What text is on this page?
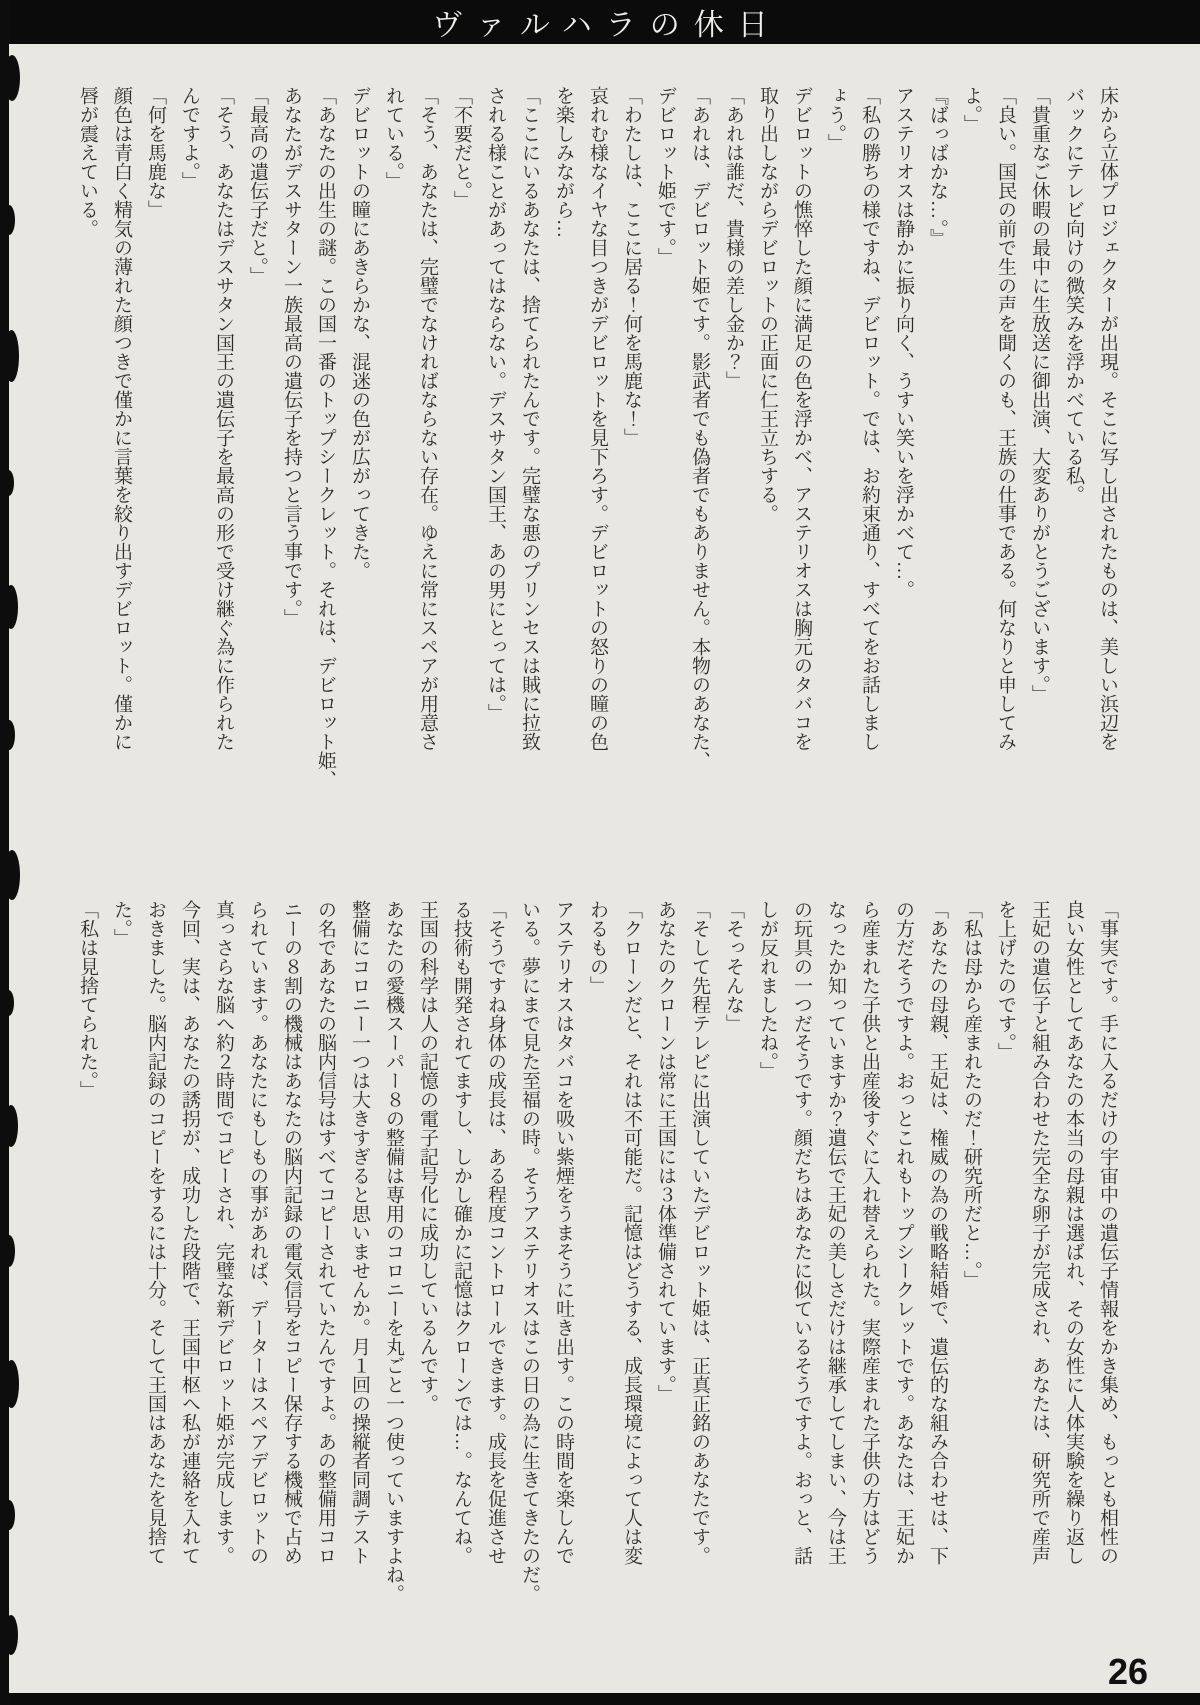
ヴァルハラの休日

床から立体プロジェクターが出現。そこに写し出されたものは、美しい浜辺を

バックにテレビ向けの微笑みを浮かべている私。

「貴重なご休暇の最中に生放送に御出演、大変ありがとうございます。」

「良い。国民の前で生の声を聞くのも、王族の仕事である。何なりと申してみ

よ。」

『ばっばかな…。』

アステリオスは静かに振り向く、うすい笑いを浮かべて…。

「私の勝ちの様ですね、デビロット。では、お約束通り、すべてをお話しまし

ょう。」

デビロットの憔悴した顔に満足の色を浮かべ、アステリオスは胸元のタバコを

取り出しながらデビロットの正面に仁王立ちする。

「あれは誰だ、貴様の差し金か？」

「あれは、デビロット姫です。影武者でも偽者でもありません。本物のあなた、

デビロット姫です。」

「わたしは、ここに居る！何を馬鹿な！」

哀れむ様なイヤな目つきがデビロットを見下ろす。デビロットの怒りの瞳の色

を楽しみながら…

「ここにいるあなたは、捨てられたんです。完璧な悪のプリンセスは賊に拉致

される様ことがあってはならない。デスサタン国王、あの男にとっては。」

「不要だと。」

「そう、あなたは、完璧でなければならない存在。ゆえに常にスペアが用意さ

れている。」

デビロットの瞳にあきらかな、混迷の色が広がってきた。

「あなたの出生の謎。この国一番のトップシークレット。それは、デビロット姫、

あなたがデスサターン一族最高の遺伝子を持つと言う事です。」

「最高の遺伝子だと。」

「そう、あなたはデスサタン国王の遺伝子を最高の形で受け継ぐ為に作られた

んですよ。」

「何を馬鹿な」

顔色は青白く精気の薄れた顔つきで僅かに言葉を絞り出すデビロット。僅かに

唇が震えている。

「事実です。手に入るだけの宇宙中の遺伝子情報をかき集め、もっとも相性の

良い女性としてあなたの本当の母親は選ばれ、その女性に人体実験を繰り返し

王妃の遺伝子と組み合わせた完全な卵子が完成され、あなたは、研究所で産声

を上げたのです。」

「私は母から産まれたのだ！研究所だと…。」

「あなたの母親、王妃は、権威の為の戦略結婚で、遺伝的な組み合わせは、下

の方だそうですよ。おっとこれもトップシークレットです。あなたは、王妃か

ら産まれた子供と出産後すぐに入れ替えられた。実際産まれた子供の方はどう

なったか知っていますか？遺伝で王妃の美しさだけは継承してしまい、今は王

の玩具の一つだそうです。顔だちはあなたに似ているそうですよ。おっと、話

しが反れましたね。」

「そっそんな」

「そして先程テレビに出演していたデビロット姫は、正真正銘のあなたです。

あなたのクローンは常に王国には３体準備されています。」

「クローンだと、それは不可能だ。記憶はどうする、成長環境によって人は変

わるもの」

アステリオスはタバコを吸い紫煙をうまそうに吐き出す。この時間を楽しんで

いる。夢にまで見た至福の時。そうアステリオスはこの日の為に生きてきたのだ。

「そうですね身体の成長は、ある程度コントロールできます。成長を促進させ

る技術も開発されてますし、しかし確かに記憶はクローンでは…。なんてね。

王国の科学は人の記憶の電子記号化に成功しているんです。

あなたの愛機スーパー８の整備は専用のコロニーを丸ごと一つ使っていますよね。

整備にコロニー一つは大きすぎると思いませんか。月１回の操縦者同調テスト

の名であなたの脳内信号はすべてコピーされていたんですよ。あの整備用コロ

ニーの８割の機械はあなたの脳内記録の電気信号をコピー保存する機械で占め

られています。あなたにもしもの事があれば、データーはスペアデビロットの

真っさらな脳へ約２時間でコピーされ、完璧な新デビロット姫が完成します。

今回、実は、あなたの誘拐が、成功した段階で、王国中枢へ私が連絡を入れて

おきました。脳内記録のコピーをするには十分。そして王国はあなたを見捨て

た。」

「私は見捨てられた。」

26
